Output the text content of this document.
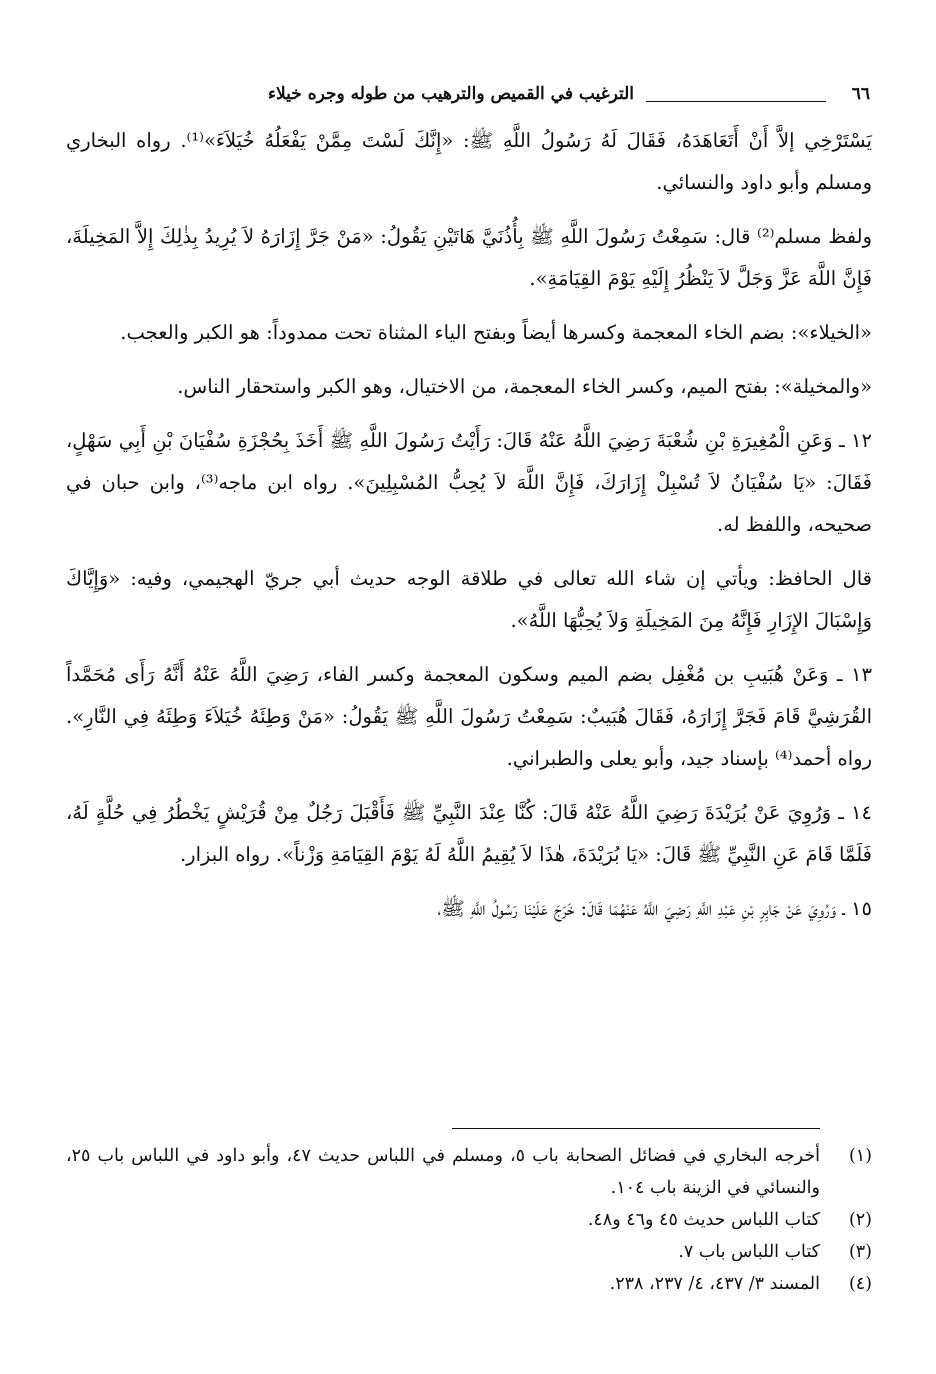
٦٦
الترغيب في القميص والترهيب من طوله وجره خيلاء

يَسْتَرْخِي إلاَّ أَنْ أَتَعَاهَدَهُ، فَقَالَ لَهُ رَسُولُ اللَّهِ ﷺ: «إِنَّكَ لَسْتَ مِمَّنْ يَفْعَلُهُ خُيَلاَءَ»⁽¹⁾. رواه البخاري ومسلم وأبو داود والنسائي.

ولفظ مسلم⁽²⁾ قال: سَمِعْتُ رَسُولَ اللَّهِ ﷺ بِأُذُنَيَّ هَاتَيْنِ يَقُولُ: «مَنْ جَرَّ إِزَارَهُ لاَ يُرِيدُ بِذٰلِكَ إِلاَّ المَخِيلَةَ، فَإِنَّ اللَّهَ عَزَّ وَجَلَّ لاَ يَنْظُرُ إِلَيْهِ يَوْمَ القِيَامَةِ».

«الخيلاء»: بضم الخاء المعجمة وكسرها أيضاً وبفتح الياء المثناة تحت ممدوداً: هو الكبر والعجب.

«والمخيلة»: بفتح الميم، وكسر الخاء المعجمة، من الاختيال، وهو الكبر واستحقار الناس.

١٢ ـ وَعَنِ الْمُغِيرَةِ بْنِ شُعْبَةَ رَضِيَ اللَّهُ عَنْهُ قَالَ: رَأَيْتُ رَسُولَ اللَّهِ ﷺ أَخَذَ بِحُجْزَةِ سُفْيَانَ بْنِ أَبِي سَهْلٍ، فَقَالَ: «يَا سُفْيَانُ لاَ تُسْبِلْ إِزَارَكَ، فَإِنَّ اللَّهَ لاَ يُحِبُّ المُسْبِلِينَ». رواه ابن ماجه⁽³⁾، وابن حبان في صحيحه، واللفظ له.

قال الحافظ: ويأتي إن شاء الله تعالى في طلاقة الوجه حديث أبي جريّ الهجيمي، وفيه: «وَإِيَّاكَ وَإِسْبَالَ الإِزَارِ فَإِنَّهُ مِنَ المَخِيلَةِ وَلاَ يُحِبُّهَا اللَّهُ».

١٣ ـ وَعَنْ هُبَيبِ بن مُغْفِل بضم الميم وسكون المعجمة وكسر الفاء، رَضِيَ اللَّهُ عَنْهُ أَنَّهُ رَأَى مُحَمَّداً القُرَشِيَّ قَامَ فَجَرَّ إِزَارَهُ، فَقَالَ هُبَيبٌ: سَمِعْتُ رَسُولَ اللَّهِ ﷺ يَقُولُ: «مَنْ وَطِئَهُ خُيَلاَءَ وَطِئَهُ فِي النَّارِ». رواه أحمد⁽⁴⁾ بإسناد جيد، وأبو يعلى والطبراني.

١٤ ـ وَرُوِيَ عَنْ بُرَيْدَةَ رَضِيَ اللَّهُ عَنْهُ قَالَ: كُنَّا عِنْدَ النَّبِيِّ ﷺ فَأَقْبَلَ رَجُلٌ مِنْ قُرَيْشٍ يَخْطُرُ فِي حُلَّةٍ لَهُ، فَلَمَّا قَامَ عَنِ النَّبِيِّ ﷺ قَالَ: «يَا بُرَيْدَةَ، هٰذَا لاَ يُقِيمُ اللَّهُ لَهُ يَوْمَ القِيَامَةِ وَزْناً». رواه البزار.

١٥ ـ وَرُوِيَ عَنْ جَابِرِ بْنِ عَبْدِ اللَّهِ رَضِيَ اللَّهُ عَنْهُمَا قَالَ: خَرَجَ عَلَيْنَا رَسُولُ اللَّهِ ﷺ،

(١)
أخرجه البخاري في فضائل الصحابة باب ٥، ومسلم في اللباس حديث ٤٧، وأبو داود في اللباس باب ٢٥، والنسائي في الزينة باب ١٠٤.
(٢)
كتاب اللباس حديث ٤٥ و٤٦ و٤٨.
(٣)
كتاب اللباس باب ٧.
(٤)
المسند ٣/ ٤٣٧، ٤/ ٢٣٧، ٢٣٨.
